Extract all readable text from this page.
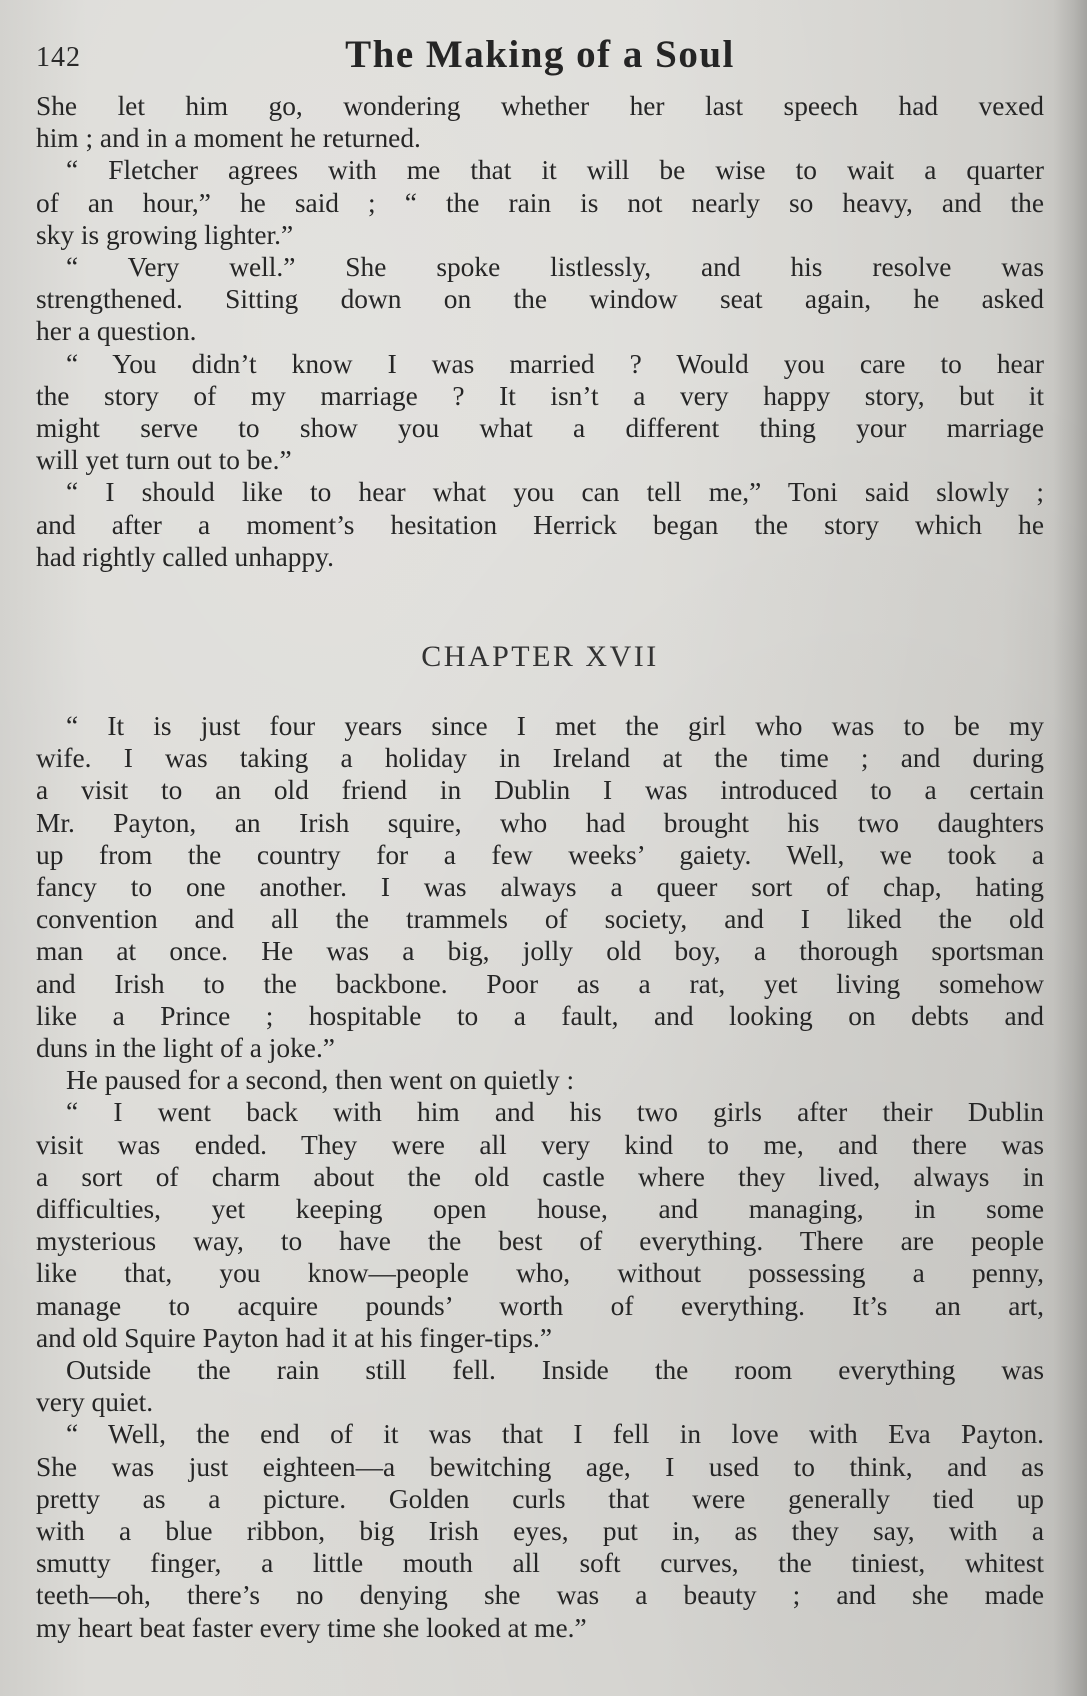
142	The Making of a Soul

She let him go, wondering whether her last speech had vexed
him ; and in a moment he returned.

“ Fletcher agrees with me that it will be wise to wait a quarter
of an hour,” he said ; “ the rain is not nearly so heavy, and the
sky is growing lighter.”

“ Very well.” She spoke listlessly, and his resolve was
strengthened. Sitting down on the window seat again, he asked
her a question.

“ You didn’t know I was married ? Would you care to hear
the story of my marriage ? It isn’t a very happy story, but it
might serve to show you what a different thing your marriage
will yet turn out to be.”

“ I should like to hear what you can tell me,” Toni said slowly ;
and after a moment’s hesitation Herrick began the story which he
had rightly called unhappy.

CHAPTER XVII

“ It is just four years since I met the girl who was to be my
wife. I was taking a holiday in Ireland at the time ; and during
a visit to an old friend in Dublin I was introduced to a certain
Mr. Payton, an Irish squire, who had brought his two daughters
up from the country for a few weeks’ gaiety. Well, we took a
fancy to one another. I was always a queer sort of chap, hating
convention and all the trammels of society, and I liked the old
man at once. He was a big, jolly old boy, a thorough sportsman
and Irish to the backbone. Poor as a rat, yet living somehow
like a Prince ; hospitable to a fault, and looking on debts and
duns in the light of a joke.”

He paused for a second, then went on quietly :

“ I went back with him and his two girls after their Dublin
visit was ended. They were all very kind to me, and there was
a sort of charm about the old castle where they lived, always in
difficulties, yet keeping open house, and managing, in some
mysterious way, to have the best of everything. There are people
like that, you know—people who, without possessing a penny,
manage to acquire pounds’ worth of everything. It’s an art,
and old Squire Payton had it at his finger-tips.”

Outside the rain still fell. Inside the room everything was
very quiet.

“ Well, the end of it was that I fell in love with Eva Payton.
She was just eighteen—a bewitching age, I used to think, and as
pretty as a picture. Golden curls that were generally tied up
with a blue ribbon, big Irish eyes, put in, as they say, with a
smutty finger, a little mouth all soft curves, the tiniest, whitest
teeth—oh, there’s no denying she was a beauty ; and she made
my heart beat faster every time she looked at me.”
